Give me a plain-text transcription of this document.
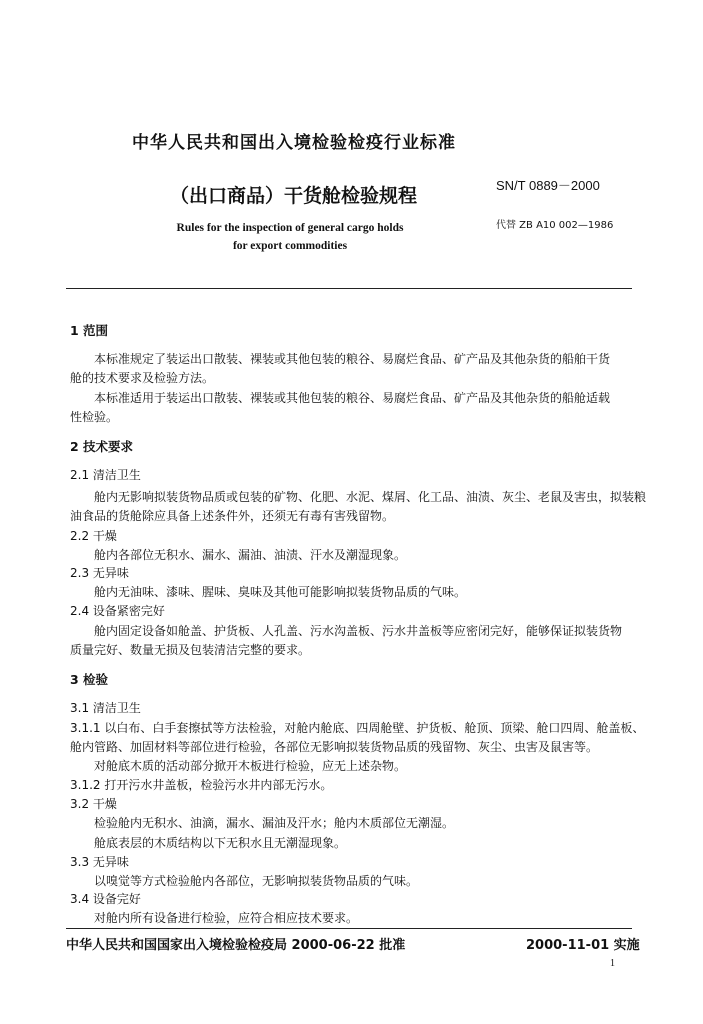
中华人民共和国出入境检验检疫行业标准
SN/T 0889－2000
（出口商品）干货舱检验规程
代替 ZB A10 002—1986
Rules for the inspection of general cargo holds
for export commodities
1 范围
本标准规定了装运出口散装、裸装或其他包装的粮谷、易腐烂食品、矿产品及其他杂货的船舶干货
舱的技术要求及检验方法。
本标准适用于装运出口散装、裸装或其他包装的粮谷、易腐烂食品、矿产品及其他杂货的船舱适载
性检验。
2 技术要求
2.1 清洁卫生
舱内无影响拟装货物品质或包装的矿物、化肥、水泥、煤屑、化工品、油渍、灰尘、老鼠及害虫，拟装粮
油食品的货舱除应具备上述条件外，还须无有毒有害残留物。
2.2 干燥
舱内各部位无积水、漏水、漏油、油渍、汗水及潮湿现象。
2.3 无异味
舱内无油味、漆味、腥味、臭味及其他可能影响拟装货物品质的气味。
2.4 设备紧密完好
舱内固定设备如舱盖、护货板、人孔盖、污水沟盖板、污水井盖板等应密闭完好，能够保证拟装货物
质量完好、数量无损及包装清洁完整的要求。
3 检验
3.1 清洁卫生
3.1.1 以白布、白手套擦拭等方法检验，对舱内舱底、四周舱壁、护货板、舱顶、顶梁、舱口四周、舱盖板、
舱内管路、加固材料等部位进行检验，各部位无影响拟装货物品质的残留物、灰尘、虫害及鼠害等。
对舱底木质的活动部分掀开木板进行检验，应无上述杂物。
3.1.2 打开污水井盖板，检验污水井内部无污水。
3.2 干燥
检验舱内无积水、油滴，漏水、漏油及汗水；舱内木质部位无潮湿。
舱底表层的木质结构以下无积水且无潮湿现象。
3.3 无异味
以嗅觉等方式检验舱内各部位，无影响拟装货物品质的气味。
3.4 设备完好
对舱内所有设备进行检验，应符合相应技术要求。
中华人民共和国国家出入境检验检疫局 2000-06-22 批准	2000-11-01 实施
1
